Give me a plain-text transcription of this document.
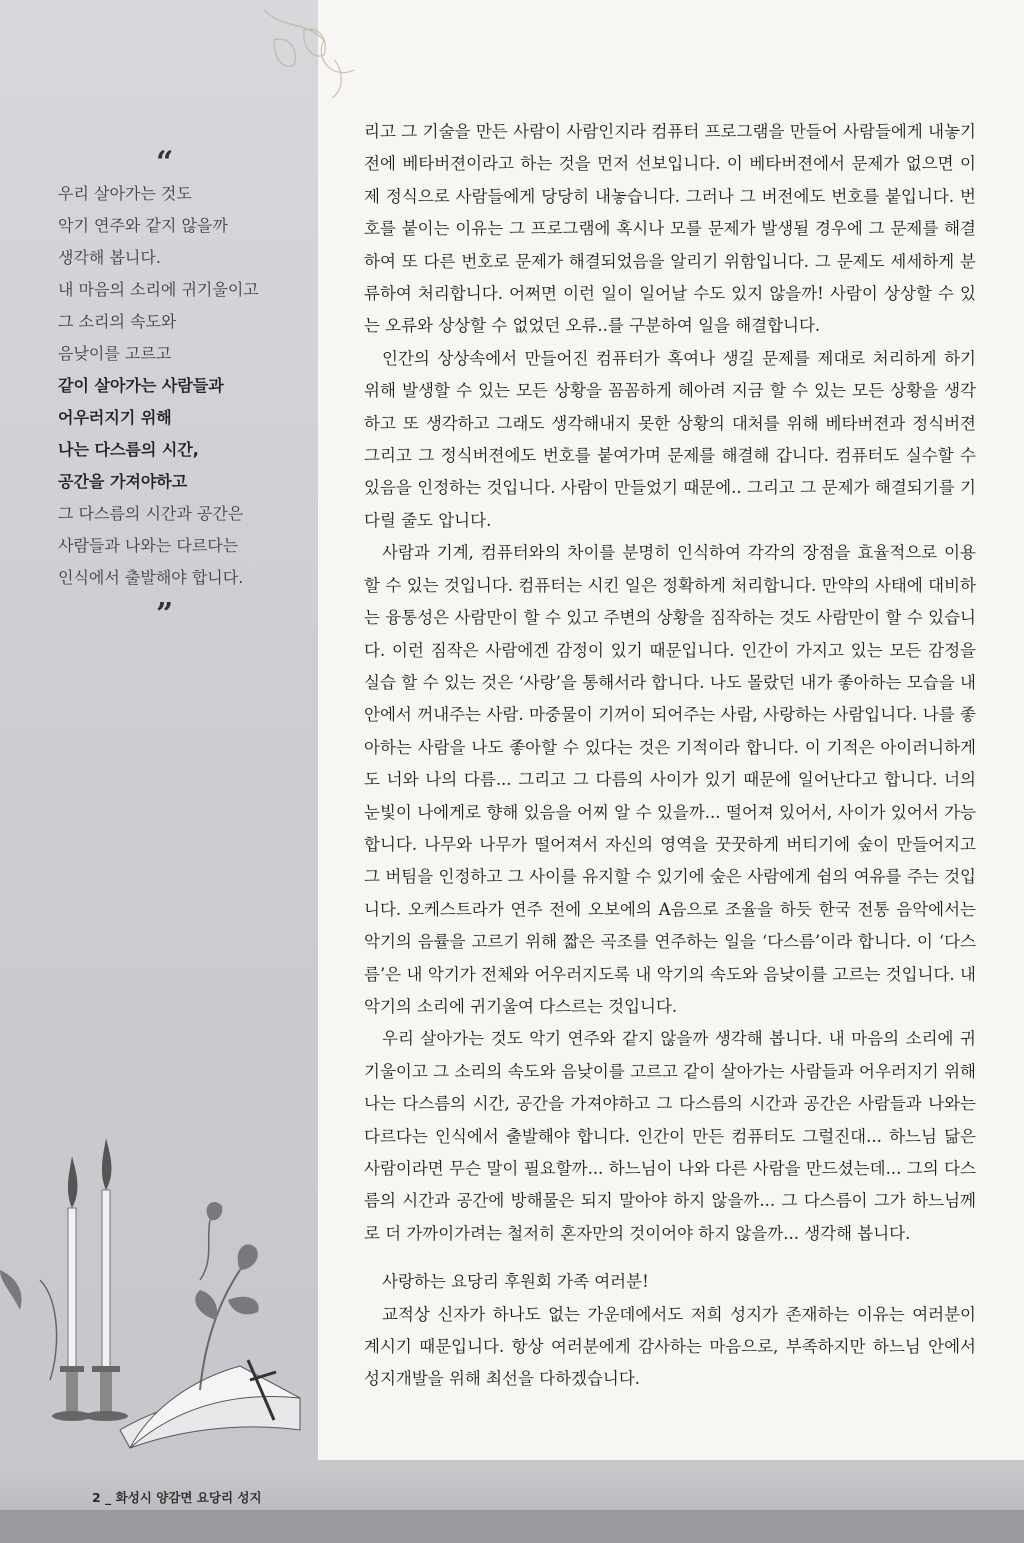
“
우리 살아가는 것도
악기 연주와 같지 않을까
생각해 봅니다.
내 마음의 소리에 귀기울이고
그 소리의 속도와
음낮이를 고르고
같이 살아가는 사람들과
어우러지기 위해
나는 다스름의 시간,
공간을 가져야하고
그 다스름의 시간과 공간은
사람들과 나와는 다르다는
인식에서 출발해야 합니다.
”

리고 그 기술을 만든 사람이 사람인지라 컴퓨터 프로그램을 만들어 사람들에게 내놓기 전에 베타버젼이라고 하는 것을 먼저 선보입니다. 이 베타버젼에서 문제가 없으면 이제 정식으로 사람들에게 당당히 내놓습니다. 그러나 그 버전에도 번호를 붙입니다. 번호를 붙이는 이유는 그 프로그램에 혹시나 모를 문제가 발생될 경우에 그 문제를 해결하여 또 다른 번호로 문제가 해결되었음을 알리기 위함입니다. 그 문제도 세세하게 분류하여 처리합니다. 어쩌면 이런 일이 일어날 수도 있지 않을까! 사람이 상상할 수 있는 오류와 상상할 수 없었던 오류..를 구분하여 일을 해결합니다.

인간의 상상속에서 만들어진 컴퓨터가 혹여나 생길 문제를 제대로 처리하게 하기 위해 발생할 수 있는 모든 상황을 꼼꼼하게 헤아려 지금 할 수 있는 모든 상황을 생각하고 또 생각하고 그래도 생각해내지 못한 상황의 대처를 위해 베타버젼과 정식버젼 그리고 그 정식버젼에도 번호를 붙여가며 문제를 해결해 갑니다. 컴퓨터도 실수할 수 있음을 인정하는 것입니다. 사람이 만들었기 때문에.. 그리고 그 문제가 해결되기를 기다릴 줄도 압니다.

사람과 기계, 컴퓨터와의 차이를 분명히 인식하여 각각의 장점을 효율적으로 이용할 수 있는 것입니다. 컴퓨터는 시킨 일은 정확하게 처리합니다. 만약의 사태에 대비하는 융통성은 사람만이 할 수 있고 주변의 상황을 짐작하는 것도 사람만이 할 수 있습니다. 이런 짐작은 사람에겐 감정이 있기 때문입니다. 인간이 가지고 있는 모든 감정을 실습 할 수 있는 것은 ‘사랑’을 통해서라 합니다. 나도 몰랐던 내가 좋아하는 모습을 내 안에서 꺼내주는 사람. 마중물이 기꺼이 되어주는 사람, 사랑하는 사람입니다. 나를 좋아하는 사람을 나도 좋아할 수 있다는 것은 기적이라 합니다. 이 기적은 아이러니하게도 너와 나의 다름... 그리고 그 다름의 사이가 있기 때문에 일어난다고 합니다. 너의 눈빛이 나에게로 향해 있음을 어찌 알 수 있을까... 떨어져 있어서, 사이가 있어서 가능합니다. 나무와 나무가 떨어져서 자신의 영역을 꿋꿋하게 버티기에 숲이 만들어지고 그 버팀을 인정하고 그 사이를 유지할 수 있기에 숲은 사람에게 쉼의 여유를 주는 것입니다. 오케스트라가 연주 전에 오보에의 A음으로 조율을 하듯 한국 전통 음악에서는 악기의 음률을 고르기 위해 짧은 곡조를 연주하는 일을 ‘다스름’이라 합니다. 이 ‘다스름’은 내 악기가 전체와 어우러지도록 내 악기의 속도와 음낮이를 고르는 것입니다. 내 악기의 소리에 귀기울여 다스르는 것입니다.

우리 살아가는 것도 악기 연주와 같지 않을까 생각해 봅니다. 내 마음의 소리에 귀기울이고 그 소리의 속도와 음낮이를 고르고 같이 살아가는 사람들과 어우러지기 위해 나는 다스름의 시간, 공간을 가져야하고 그 다스름의 시간과 공간은 사람들과 나와는 다르다는 인식에서 출발해야 합니다. 인간이 만든 컴퓨터도 그럴진대... 하느님 닮은 사람이라면 무슨 말이 필요할까... 하느님이 나와 다른 사람을 만드셨는데... 그의 다스름의 시간과 공간에 방해물은 되지 말아야 하지 않을까... 그 다스름이 그가 하느님께로 더 가까이가려는 철저히 혼자만의 것이어야 하지 않을까... 생각해 봅니다.

사랑하는 요당리 후원회 가족 여러분!

교적상 신자가 하나도 없는 가운데에서도 저희 성지가 존재하는 이유는 여러분이 계시기 때문입니다. 항상 여러분에게 감사하는 마음으로, 부족하지만 하느님 안에서 성지개발을 위해 최선을 다하겠습니다.

2 _ 화성시 양감면 요당리 성지
